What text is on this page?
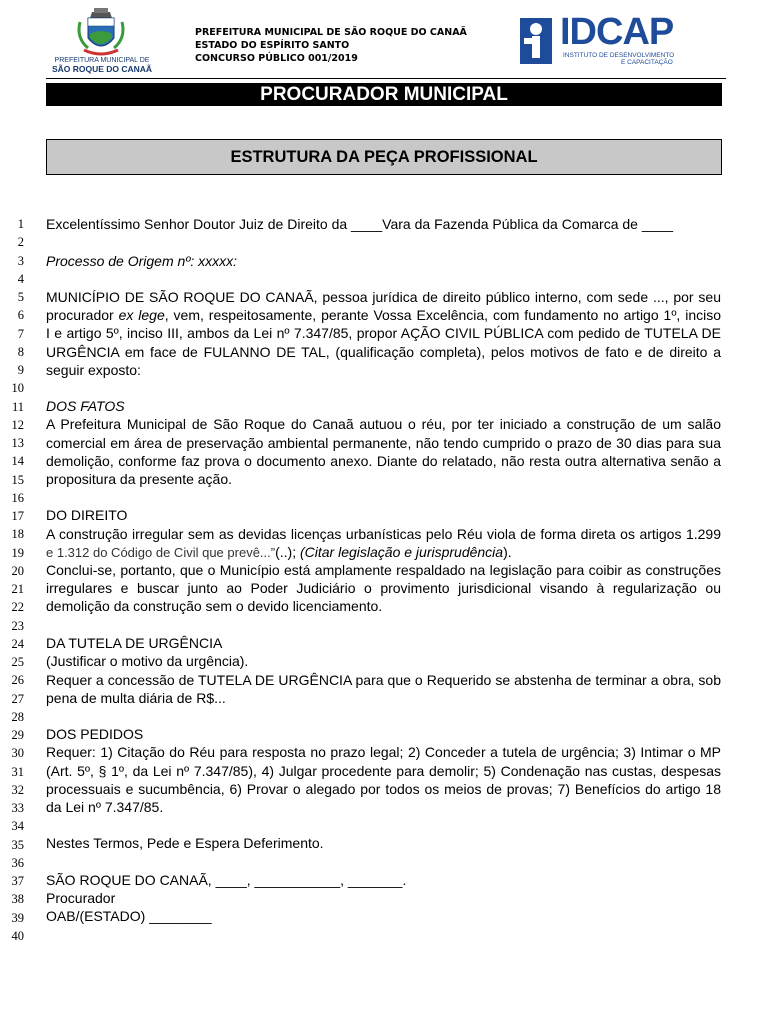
PREFEITURA MUNICIPAL DE
SÃO ROQUE DO CANAÃ
PREFEITURA MUNICIPAL DE SÃO ROQUE DO CANAÃ
ESTADO DO ESPÍRITO SANTO
CONCURSO PÚBLICO 001/2019
IDCAP
INSTITUTO DE DESENVOLVIMENTO
E CAPACITAÇÃO
PROCURADOR MUNICIPAL
ESTRUTURA DA PEÇA PROFISSIONAL
1
2
3
4
5
6
7
8
9
10
11
12
13
14
15
16
17
18
19
20
21
22
23
24
25
26
27
28
29
30
31
32
33
34
35
36
37
38
39
40
Excelentíssimo Senhor Doutor Juiz de Direito da ____Vara da Fazenda Pública da Comarca de ____
Processo de Origem nº: xxxxx:
MUNICÍPIO DE SÃO ROQUE DO CANAÃ, pessoa jurídica de direito público interno, com sede ..., por seu
procurador ex lege, vem, respeitosamente, perante Vossa Excelência, com fundamento no artigo 1º, inciso
I e artigo 5º, inciso III, ambos da Lei nº 7.347/85, propor AÇÃO CIVIL PÚBLICA com pedido de TUTELA DE
URGÊNCIA em face de FULANNO DE TAL, (qualificação completa), pelos motivos de fato e de direito a
seguir exposto:
DOS FATOS
A Prefeitura Municipal de São Roque do Canaã autuou o réu, por ter iniciado a construção de um salão
comercial em área de preservação ambiental permanente, não tendo cumprido o prazo de 30 dias para sua
demolição, conforme faz prova o documento anexo. Diante do relatado, não resta outra alternativa senão a
propositura da presente ação.
DO DIREITO
A construção irregular sem as devidas licenças urbanísticas pelo Réu viola de forma direta os artigos 1.299
e 1.312 do Código de Civil que prevê...”(..); (Citar legislação e jurisprudência).
Conclui-se, portanto, que o Município está amplamente respaldado na legislação para coibir as construções
irregulares e buscar junto ao Poder Judiciário o provimento jurisdicional visando à regularização ou
demolição da construção sem o devido licenciamento.
DA TUTELA DE URGÊNCIA
(Justificar o motivo da urgência).
Requer a concessão de TUTELA DE URGÊNCIA para que o Requerido se abstenha de terminar a obra, sob
pena de multa diária de R$...
DOS PEDIDOS
Requer: 1) Citação do Réu para resposta no prazo legal; 2) Conceder a tutela de urgência; 3) Intimar o MP
(Art. 5º, § 1º, da Lei nº 7.347/85), 4) Julgar procedente para demolir; 5) Condenação nas custas, despesas
processuais e sucumbência, 6) Provar o alegado por todos os meios de provas; 7) Benefícios do artigo 18
da Lei nº 7.347/85.
Nestes Termos, Pede e Espera Deferimento.
SÃO ROQUE DO CANAÃ, ____, ___________, _______.
Procurador
OAB/(ESTADO) ________
